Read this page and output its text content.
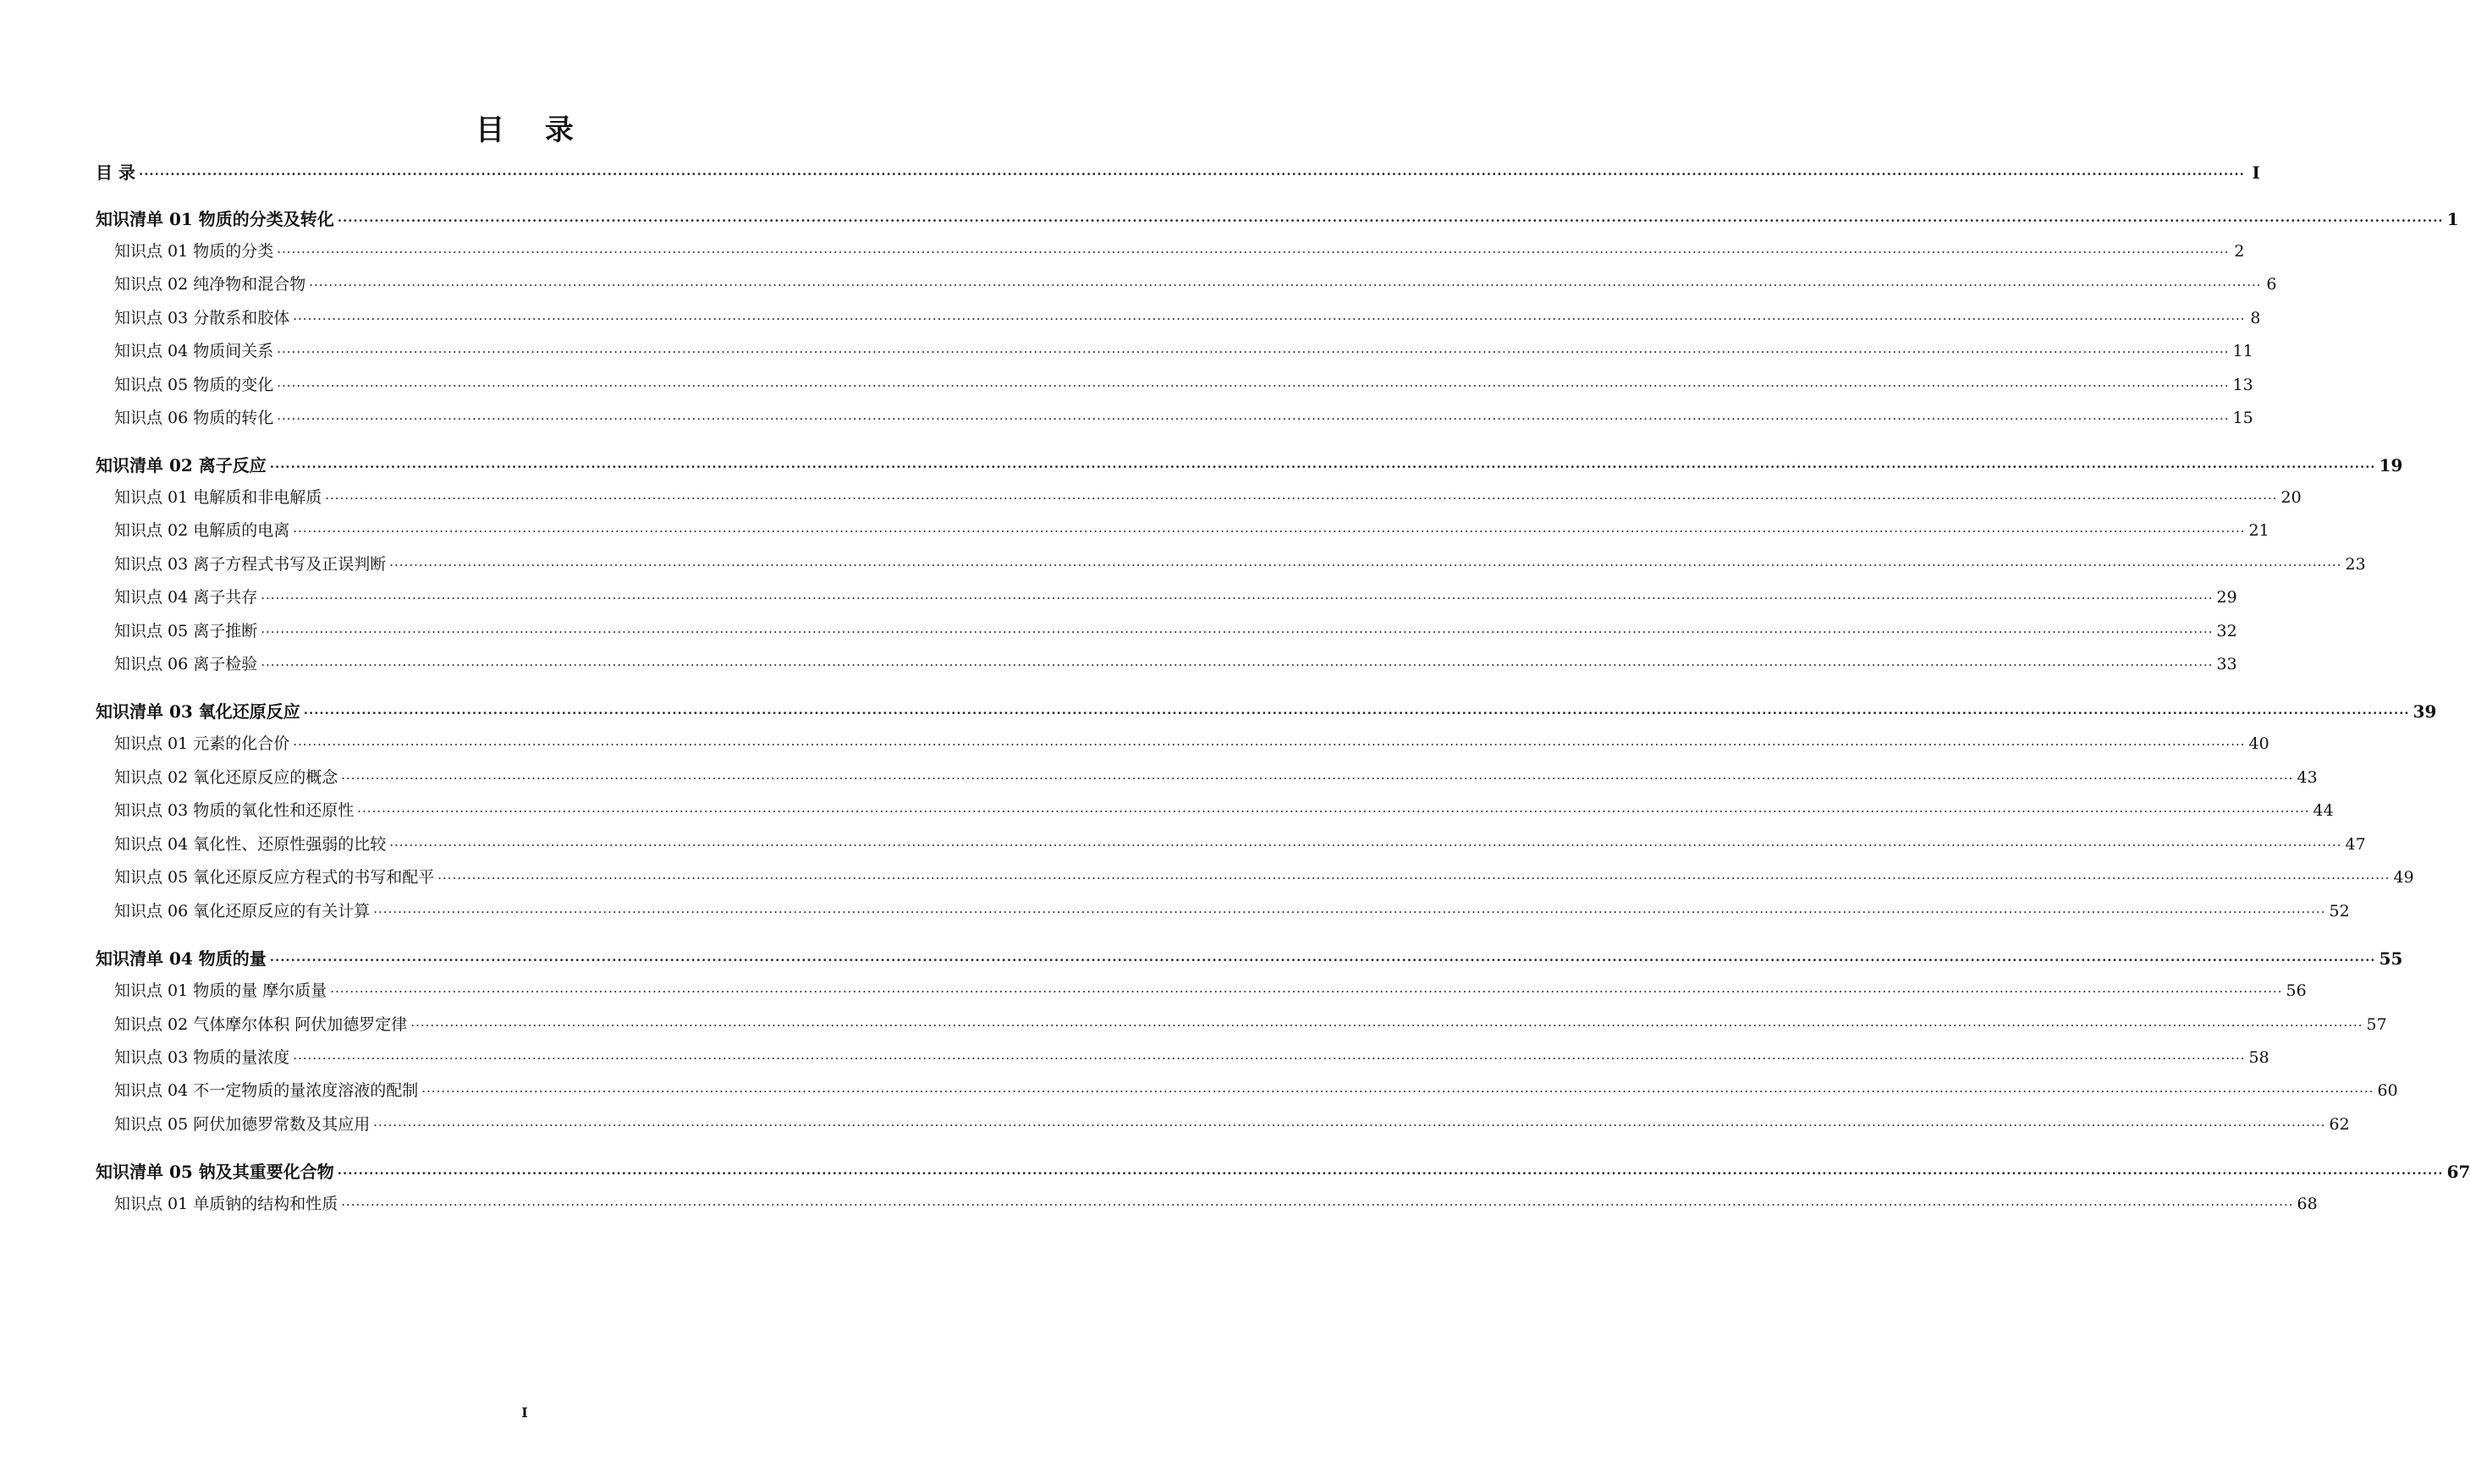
目 录
目 录 ················································································································································································································································································································································································································ I
知识清单 01 物质的分类及转化 ················································································································································································································································································································································································································ 1
知识点 01 物质的分类 ················································································································································································································································································································································································································ 2
知识点 02 纯净物和混合物 ················································································································································································································································································································································································································ 6
知识点 03 分散系和胶体 ················································································································································································································································································································································································································ 8
知识点 04 物质间关系 ················································································································································································································································································································································································································ 11
知识点 05 物质的变化 ················································································································································································································································································································································································································ 13
知识点 06 物质的转化 ················································································································································································································································································································································································································ 15
知识清单 02 离子反应 ················································································································································································································································································································································································································ 19
知识点 01 电解质和非电解质 ················································································································································································································································································································································································································ 20
知识点 02 电解质的电离 ················································································································································································································································································································································································································ 21
知识点 03 离子方程式书写及正误判断 ················································································································································································································································································································································································································ 23
知识点 04 离子共存 ················································································································································································································································································································································································································ 29
知识点 05 离子推断 ················································································································································································································································································································································································································ 32
知识点 06 离子检验 ················································································································································································································································································································································································································ 33
知识清单 03 氧化还原反应 ················································································································································································································································································································································································································ 39
知识点 01 元素的化合价 ················································································································································································································································································································································································································ 40
知识点 02 氧化还原反应的概念 ················································································································································································································································································································································································································ 43
知识点 03 物质的氧化性和还原性 ················································································································································································································································································································································································································ 44
知识点 04 氧化性、还原性强弱的比较 ················································································································································································································································································································································································································ 47
知识点 05 氧化还原反应方程式的书写和配平 ················································································································································································································································································································································································································ 49
知识点 06 氧化还原反应的有关计算 ················································································································································································································································································································································································································ 52
知识清单 04 物质的量 ················································································································································································································································································································································································································ 55
知识点 01 物质的量 摩尔质量 ················································································································································································································································································································································································································ 56
知识点 02 气体摩尔体积 阿伏加德罗定律 ················································································································································································································································································································································································································ 57
知识点 03 物质的量浓度 ················································································································································································································································································································································································································ 58
知识点 04 不一定物质的量浓度溶液的配制 ················································································································································································································································································································································································································ 60
知识点 05 阿伏加德罗常数及其应用 ················································································································································································································································································································································································································ 62
知识清单 05 钠及其重要化合物 ················································································································································································································································································································································································································ 67
知识点 01 单质钠的结构和性质 ················································································································································································································································································································································································································ 68
I
